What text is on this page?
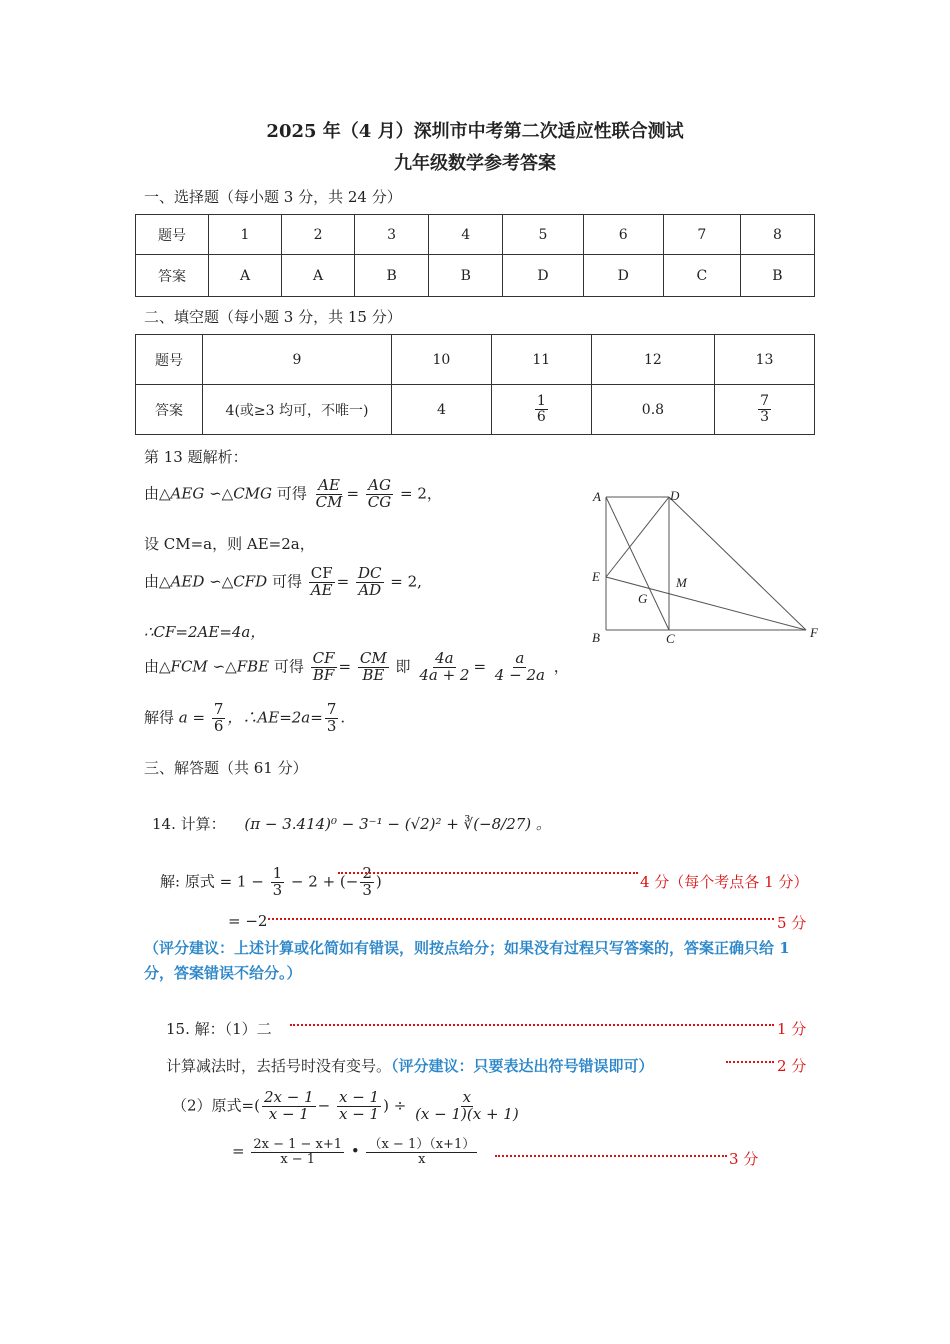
2025 年（4 月）深圳市中考第二次适应性联合测试
九年级数学参考答案
一、选择题（每小题 3 分，共 24 分）
题号	1	2	3	4	5	6	7	8
答案	A	A	B	B	D	D	C	B
二、填空题（每小题 3 分，共 15 分）
题号	9	10	11	12	13
答案	4(或≥3 均可，不唯一)	4	$\frac{1}{6}$	0.8	$\frac{7}{3}$
第 13 题解析：
由△AEG ∽△CMG 可得 $\frac{AE}{CM} = \frac{AG}{CG} = 2$，
设 CM=a，则 AE=2a，
由△AED ∽△CFD 可得 $\frac{CF}{AE} = \frac{DC}{AD} = 2$,
∴CF=2AE=4a，
由△FCM ∽△FBE 可得 $\frac{CF}{BF} = \frac{CM}{BE}$ 即 $\frac{4a}{4a + 2} = \frac{a}{4 - 2a}$ ，
解得 $a = \frac{7}{6}$ ，∴AE=2a= $\frac{7}{3}$ .
A	D
E	M
G
B	C	F
三、解答题（共 61 分）
14. 计算： (π − 3.414)⁰ − 3⁻¹ − (√2)² + ∛(−8/27) 。
解: 原式 = $1 - \frac{1}{3} - 2$ + (− $\frac{2}{3}$ )	4 分（每个考点各 1 分）
= −2	5 分
（评分建议：上述计算或化简如有错误，则按点给分；如果没有过程只写答案的，答案正确只给 1 分，答案错误不给分。）
15. 解：（1）二	1 分
计算减法时，去括号时没有变号。（评分建议：只要表达出符号错误即可）	2 分
（2）原式=( $\frac{2x - 1}{x - 1} - \frac{x - 1}{x - 1}$ ) ÷ $\frac{x}{(x - 1)(x + 1)}$
= $\frac{2x - 1 - x+1}{x - 1}$ • $\frac{(x - 1)(x+1)}{x}$	3 分
